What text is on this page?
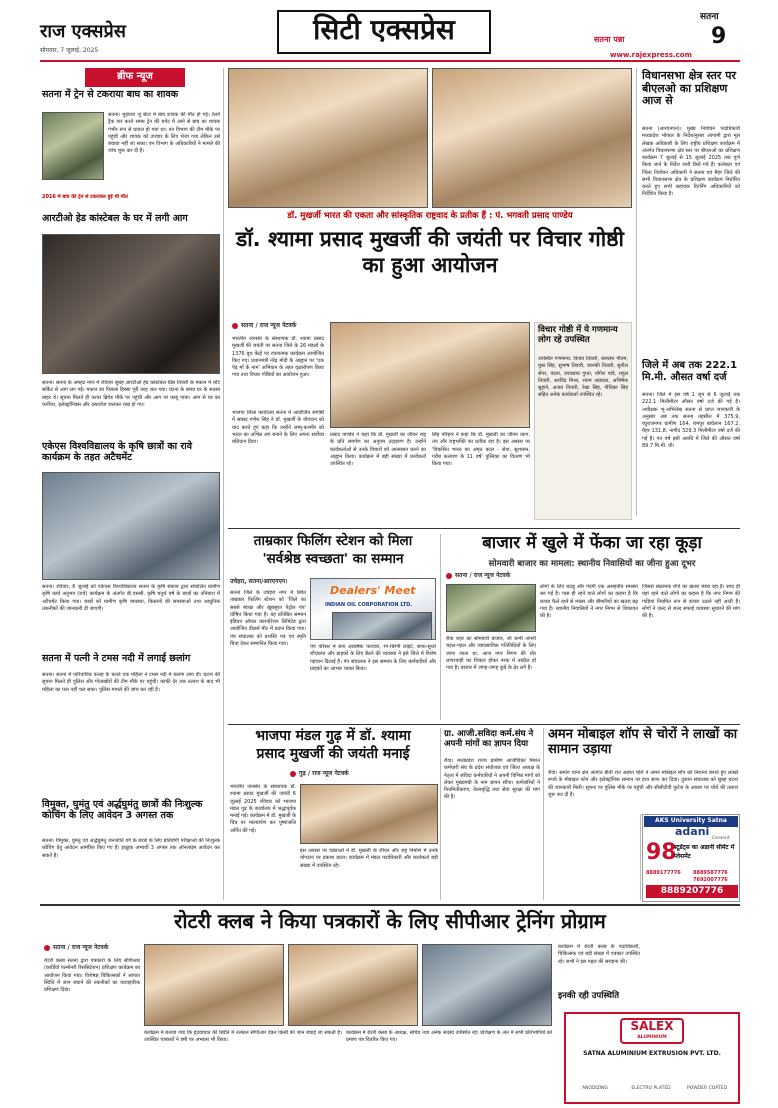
राज एक्सप्रेस
सोमवार, 7 जुलाई, 2025
सिटी एक्सप्रेस	सतना
सतना पन्ना	9
www.rajexpress.com
ब्रीफ न्यूज
सतना में ट्रेन से टकराया बाघ का शावक
सतना। मुड़वारा जू सेंटर में बाघ शावक की मौत हो गई। रेलवे ट्रैक पार करते समय ट्रेन की चपेट में आने से बाघ का शावक गंभीर रूप से घायल हो गया था। वन विभाग की टीम मौके पर पहुंची और शावक को उपचार के लिए भेजा गया लेकिन उसे बचाया नहीं जा सका। वन विभाग के अधिकारियों ने मामले की जांच शुरू कर दी है।
2016 में बाघ की ट्रेन से टकराकर हुई थी मौत
आरटीओ हेड कांस्टेबल के घर में लगी आग
सतना। सतना के अमहट नगर में रविवार सुबह आरटीओ हेड कांस्टेबल प्रिंस तिवारी के मकान में शॉर्ट सर्किट से आग लग गई। मकान का पिछला हिस्सा पूरी तरह जल गया। घटना के समय घर के सदस्य बाहर थे। सूचना मिलते ही फायर ब्रिगेड मौके पर पहुंची और आग पर काबू पाया। आग से घर का फर्नीचर, इलेक्ट्रॉनिक्स और दस्तावेज जलकर राख हो गए।
एकेएस विश्वविद्यालय के कृषि छात्रों का रावे कार्यक्रम के तहत अटैचमेंट
सतना। रविवार, 6 जुलाई को एकेएस विश्वविद्यालय सतना के कृषि संकाय द्वारा संचालित ग्रामीण कृषि कार्य अनुभव (रावे) कार्यक्रम के अंतर्गत बी.एससी. कृषि चतुर्थ वर्ष के छात्रों का उनियारा में अटैचमेंट किया गया। छात्रों को ग्रामीण कृषि व्यवस्था, किसानों की समस्याओं तथा आधुनिक तकनीकों की जानकारी दी जाएगी।
सतना में पत्नी ने टमस नदी में लगाई छलांग
सतना। सतना में पारिवारिक कलह के चलते एक महिला ने टमस नदी में छलांग लगा दी। घटना की सूचना मिलते ही पुलिस और गोताखोरों की टीम मौके पर पहुंची। काफी देर तक तलाश के बाद भी महिला का पता नहीं चल सका। पुलिस मामले की जांच कर रही है।
विमुक्त, घुमंतु एवं अर्द्धघुमंतु छात्रों की निःशुल्क कोचिंग के लिए आवेदन 3 अगस्त तक
सतना। विमुक्त, घुमंतु एवं अर्द्धघुमंतु जनजाति वर्ग के छात्रों के लिए प्रतियोगी परीक्षाओं की निःशुल्क कोचिंग हेतु आवेदन आमंत्रित किए गए हैं। इच्छुक अभ्यर्थी 3 अगस्त तक ऑनलाइन आवेदन कर सकते हैं।
डॉ. मुखर्जी भारत की एकता और सांस्कृतिक राष्ट्रवाद के प्रतीक हैं : पं. भगवती प्रसाद पाण्डेय
डॉ. श्यामा प्रसाद मुखर्जी की जयंती पर विचार गोष्ठी का हुआ आयोजन
सतना / राज न्यूज नेटवर्क
भारतीय जनसंघ के संस्थापक डॉ. श्यामा प्रसाद मुखर्जी की जयंती पर सतना जिले के 26 मंडलों के 1376 बूथ केंद्रों पर रचनात्मक कार्यक्रम आयोजित किए गए। प्रधानमंत्री नरेंद्र मोदी के आह्वान पर 'एक पेड़ माँ के नाम' अभियान के तहत वृक्षारोपण किया गया तथा विचार गोष्ठियों का आयोजन हुआ।
भाजपा जिला कार्यालय सतना में आयोजित संगोष्ठी में सांसद गणेश सिंह ने डॉ. मुखर्जी के योगदान को याद करते हुए कहा कि उन्होंने जम्मू-कश्मीर को भारत का अभिन्न अंग बनाने के लिए अपना सर्वोच्च बलिदान दिया।
प्रसाद पाण्डेय ने कहा कि डॉ. मुखर्जी का जीवन राष्ट्र के प्रति समर्पण का अनुपम उदाहरण है। उन्होंने कार्यकर्ताओं से उनके विचारों को आत्मसात करने का आह्वान किया। कार्यक्रम में बड़ी संख्या में कार्यकर्ता उपस्थित रहे।
सिंह परिहार ने कहा कि डॉ. मुखर्जी का जीवन त्याग, तप और राष्ट्रभक्ति का प्रतीक रहा है। इस अवसर पर 'विकसित भारत का अमृत काल - सेवा, सुशासन, गरीब कल्याण के 11 वर्ष' पुस्तिका का वितरण भी किया गया।
विचार गोष्ठी में ये गणमान्य लोग रहे उपस्थित
उपस्थित गणमान्य: विजय तिवारी, कमलेश गौतम, मुन्ना सिंह, सुभाष तिवारी, जानकी तिवारी, सुनील सेंगर, वंदना, उपाध्याय गुप्ता, योगेश पांडे, राहुल तिवारी, अरविंद मिश्रा, श्याम अग्रवाल, अभिषेक सुहाने, अजय तिवारी, रेखा सिंह, गीतिका सिंह सहित अनेक कार्यकर्ता उपस्थित रहे।
विधानसभा क्षेत्र स्तर पर बीएलओ का प्रशिक्षण आज से
सतना (आरएनएन)। मुख्य निर्वाचन पदाधिकारी मध्यप्रदेश भोपाल के निर्देशानुसार आगामी द्वारा मूल लेखक अधिकारी के लिए राष्ट्रीय प्रशिक्षण कार्यक्रम में अंतर्गत विधानसभा क्षेत्र स्तर पर बीएलओ का प्रशिक्षण कार्यक्रम 7 जुलाई से 15 जुलाई 2025 तक पूर्ण किया जाने के निर्देश जारी किये गये हैं। कलेक्टर एवं जिला निर्वाचन अधिकारी ने सतना एवं मैहर जिले की सभी विधानसभा क्षेत्र के प्रशिक्षण कार्यक्रम निर्धारित करते हुए सभी सहायक रिटर्निंग अधिकारियों को निर्देशित किया है।
जिले में अब तक 222.1 मि.मी. औसत वर्षा दर्ज
सतना। जिले में इस वर्ष 1 जून से 6 जुलाई तक 222.1 मिलीमीटर औसत वर्षा दर्ज की गई है। अधीक्षक भू-अभिलेख सतना से प्राप्त जानकारी के अनुसार अब तक सतना तहसील में 375.9, रघुराजनगर ग्रामीण 164, रामपुर बाघेलान 167.2, मैहर 131.8, नागौद 329.3 मिलीमीटर वर्षा दर्ज की गई है। गत वर्ष इसी अवधि में जिले की औसत वर्षा 89.7 मि.मी. थी।
ताम्रकार फिलिंग स्टेशन को मिला
'सर्वश्रेष्ठ स्वच्छता' का सम्मान
उचेहरा, सतना/आरएनएन।
सतना जिले के उचेहरा नगर में स्थित ताम्रकार फिलिंग स्टेशन को 'जिले का सबसे स्वच्छ और खूबसूरत पेट्रोल पंप' घोषित किया गया है। यह प्रतिष्ठित सम्मान इंडियन ऑयल कारपोरेशन लिमिटेड द्वारा आयोजित डीलर्स मीट में प्रदान किया गया। पंप संचालक को प्रशस्ति पत्र एवं स्मृति चिन्ह देकर सम्मानित किया गया।
Dealers' Meet
INDIAN OIL CORPORATION LTD.
पंप परिसर में बना आकर्षक फव्वारा, रंग-बिरंगी लाइटें, साफ-सुथरे शौचालय और ग्राहकों के लिए बैठने की व्यवस्था ने इसे जिले में विशेष पहचान दिलाई है। पंप संचालक ने इस सम्मान के लिए कर्मचारियों और ग्राहकों का आभार व्यक्त किया।
बाजार में खुले में फेंका जा रहा कूड़ा
सोमवारी बाजार का मामला: स्थानीय निवासियों का जीना हुआ दूभर
सतना / राज न्यूज नेटवर्क
रीवा शहर का सोमवारी बाजार, जो कभी अपनी चहल-पहल और व्यावसायिक गतिविधियों के लिए जाना जाता था, आज नगर निगम की घोर लापरवाही का शिकार होकर नरक में तब्दील हो गया है। बाजार में जगह-जगह कूड़े के ढेर लगे हैं।
लोगों के लिए बदबू और गंदगी एक असहनीय समस्या बन गई है। पास ही रहने वाले लोगों का कहना है कि कचरा फैले रहने से मच्छर और बीमारियों का खतरा बढ़ गया है। स्थानीय निवासियों ने नगर निगम से शिकायत की है।
जिससे संक्रामक रोगों का खतरा मंडरा रहा है। साथ ही यहां रहने वाले लोगों का कहना है कि नगर निगम की गाड़ियां नियमित रूप से कचरा उठाने नहीं आती हैं। लोगों ने जल्द से जल्द सफाई व्यवस्था सुधारने की मांग की है।
भाजपा मंडल गुढ़ में डॉ. श्यामा
प्रसाद मुखर्जी की जयंती मनाई
गुढ़ / राज न्यूज नेटवर्क
भारतीय जनसंघ के संस्थापक डॉ. श्यामा प्रसाद मुखर्जी की जयंती 6 जुलाई 2025 रविवार को भाजपा मंडल गुढ़ के कार्यालय में श्रद्धापूर्वक मनाई गई। कार्यक्रम में डॉ. मुखर्जी के चित्र पर माल्यार्पण कर पुष्पांजलि अर्पित की गई।
इस अवसर पर वक्ताओं ने डॉ. मुखर्जी के जीवन और राष्ट्र निर्माण में उनके योगदान पर प्रकाश डाला। कार्यक्रम में मंडल पदाधिकारी और कार्यकर्ता बड़ी संख्या में उपस्थित रहे।
ग्रा. आजी.सविदा कर्म.संघ ने अपनी मांगों का ज्ञापन दिया
रीवा। मध्यप्रदेश राज्य ग्रामीण आजीविका मिशन कर्मचारी संघ के प्रदेश संयोजक एवं जिला अध्यक्ष के नेतृत्व में संविदा कर्मचारियों ने अपनी विभिन्न मांगों को लेकर मुख्यमंत्री के नाम ज्ञापन सौंपा। कर्मचारियों ने नियमितीकरण, वेतनवृद्धि तथा सेवा सुरक्षा की मांग की है।
अमन मोबाइल शॉप से चोरों ने लाखों का सामान उड़ाया
रीवा। समान थाना क्षेत्र अंतर्गत बीती रात अज्ञात चोरों ने अमन मोबाइल शॉप को निशाना बनाते हुए लाखों रुपये के मोबाइल फोन और इलेक्ट्रॉनिक सामान पर हाथ साफ कर दिया। दुकान संचालक को सुबह घटना की जानकारी मिली। सूचना पर पुलिस मौके पर पहुंची और सीसीटीवी फुटेज के आधार पर चोरों की तलाश शुरू कर दी है।
AKS University Satna
adani
Cement
98
स्टूडेंट्स का अडानी सीमेंट में प्लेसमेंट
8889177776 8889587776
7692007776
8889207776
रोटरी क्लब ने किया पत्रकारों के लिए सीपीआर ट्रेनिंग प्रोग्राम
सतना / राज न्यूज नेटवर्क
रोटरी क्लब सतना द्वारा पत्रकारों के लिए सीपीआर (कार्डियो पल्मोनरी रिससिटेशन) प्रशिक्षण कार्यक्रम का आयोजन किया गया। विशेषज्ञ चिकित्सकों ने आपात स्थिति में जान बचाने की तकनीकों का व्यावहारिक प्रशिक्षण दिया।
कार्यक्रम में बताया गया कि हृदयाघात की स्थिति में तत्काल सीपीआर देकर किसी की जान बचाई जा सकती है। उपस्थित पत्रकारों ने डमी पर अभ्यास भी किया।
कार्यक्रम में रोटरी क्लब के अध्यक्ष, सचिव तथा अनेक सदस्य उपस्थित रहे। प्रशिक्षण के अंत में सभी प्रतिभागियों को प्रमाण पत्र वितरित किए गए।
इनकी रही उपस्थिति
कार्यक्रम में रोटरी क्लब के पदाधिकारी, चिकित्सक एवं बड़ी संख्या में पत्रकार उपस्थित रहे। सभी ने इस पहल की सराहना की।
SALEX
ALUMINIUM
SATNA ALUMINIUM EXTRUSION PVT. LTD.
ANODIZING	ELECTRO PLATED	POWDER COATED
